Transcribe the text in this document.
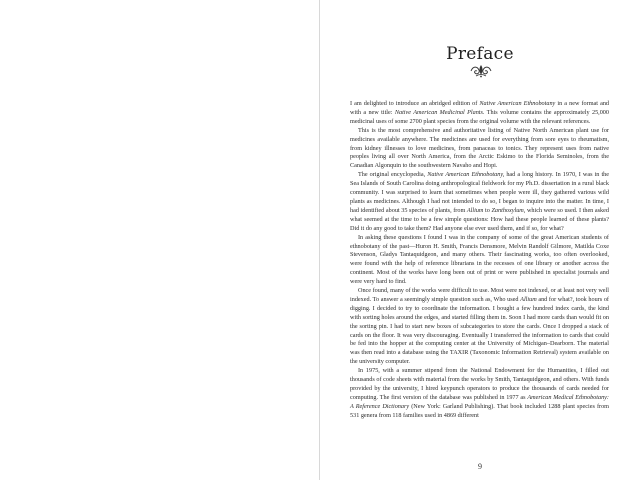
Preface

I am delighted to introduce an abridged edition of Native American Ethnobotany in a new format and with a new title: Native American Medicinal Plants. This volume contains the approximately 25,000 medicinal uses of some 2700 plant species from the original volume with the relevant references.

This is the most comprehensive and authoritative listing of Native North American plant use for medicines available anywhere. The medicines are used for everything from sore eyes to rheumatism, from kidney illnesses to love medicines, from panaceas to tonics. They represent uses from native peoples living all over North America, from the Arctic Eskimo to the Florida Seminoles, from the Canadian Algonquin to the southwestern Navaho and Hopi.

The original encyclopedia, Native American Ethnobotany, had a long history. In 1970, I was in the Sea Islands of South Carolina doing anthropological fieldwork for my Ph.D. dissertation in a rural black community. I was surprised to learn that sometimes when people were ill, they gathered various wild plants as medicines. Although I had not intended to do so, I began to inquire into the matter. In time, I had identified about 35 species of plants, from Allium to Zanthoxylum, which were so used. I then asked what seemed at the time to be a few simple questions: How had these people learned of these plants? Did it do any good to take them? Had anyone else ever used them, and if so, for what?

In asking these questions I found I was in the company of some of the great American students of ethnobotany of the past—Huron H. Smith, Francis Densmore, Melvin Randolf Gilmore, Matilda Coxe Stevenson, Gladys Tantaquidgeon, and many others. Their fascinating works, too often overlooked, were found with the help of reference librarians in the recesses of one library or another across the continent. Most of the works have long been out of print or were published in specialist journals and were very hard to find.

Once found, many of the works were difficult to use. Most were not indexed, or at least not very well indexed. To answer a seemingly simple question such as, Who used Allium and for what?, took hours of digging. I decided to try to coordinate the information. I bought a few hundred index cards, the kind with sorting holes around the edges, and started filling them in. Soon I had more cards than would fit on the sorting pin. I had to start new boxes of subcategories to store the cards. Once I dropped a stack of cards on the floor. It was very discouraging. Eventually I transferred the information to cards that could be fed into the hopper at the computing center at the University of Michigan–Dearborn. The material was then read into a database using the TAXIR (Taxonomic Information Retrieval) system available on the university computer.

In 1975, with a summer stipend from the National Endowment for the Humanities, I filled out thousands of code sheets with material from the works by Smith, Tantaquidgeon, and others. With funds provided by the university, I hired keypunch operators to produce the thousands of cards needed for computing. The first version of the database was published in 1977 as American Medical Ethnobotany: A Reference Dictionary (New York: Garland Publishing). That book included 1288 plant species from 531 genera from 118 families used in 4869 different

9
